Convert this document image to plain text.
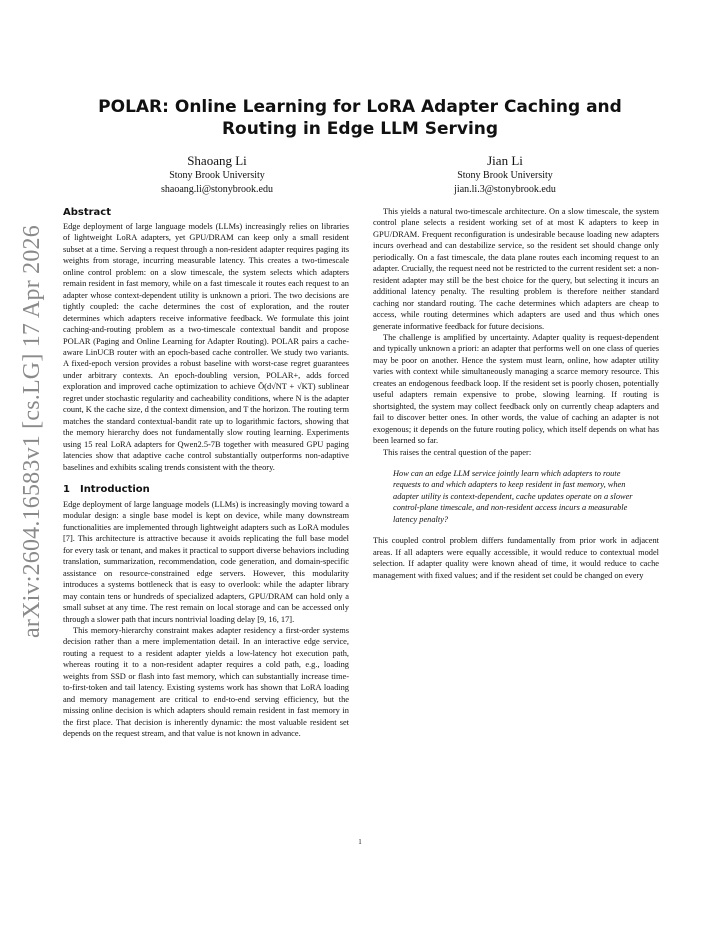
arXiv:2604.16583v1 [cs.LG] 17 Apr 2026
POLAR: Online Learning for LoRA Adapter Caching and Routing in Edge LLM Serving
Shaoang Li
Stony Brook University
shaoang.li@stonybrook.edu
Jian Li
Stony Brook University
jian.li.3@stonybrook.edu
Abstract

Edge deployment of large language models (LLMs) increasingly relies on libraries of lightweight LoRA adapters, yet GPU/DRAM can keep only a small resident subset at a time. Serving a request through a non-resident adapter requires paging its weights from storage, incurring measurable latency. This creates a two-timescale online control problem: on a slow timescale, the system selects which adapters remain resident in fast memory, while on a fast timescale it routes each request to an adapter whose context-dependent utility is unknown a priori. The two decisions are tightly coupled: the cache determines the cost of exploration, and the router determines which adapters receive informative feedback. We formulate this joint caching-and-routing problem as a two-timescale contextual bandit and propose POLAR (Paging and Online Learning for Adapter Routing). POLAR pairs a cache-aware LinUCB router with an epoch-based cache controller. We study two variants. A fixed-epoch version provides a robust baseline with worst-case regret guarantees under arbitrary contexts. An epoch-doubling version, POLAR+, adds forced exploration and improved cache optimization to achieve Õ(d√NT + √KT) sublinear regret under stochastic regularity and cacheability conditions, where N is the adapter count, K the cache size, d the context dimension, and T the horizon. The routing term matches the standard contextual-bandit rate up to logarithmic factors, showing that the memory hierarchy does not fundamentally slow routing learning. Experiments using 15 real LoRA adapters for Qwen2.5-7B together with measured GPU paging latencies show that adaptive cache control substantially outperforms non-adaptive baselines and exhibits scaling trends consistent with the theory.

1 Introduction

Edge deployment of large language models (LLMs) is increasingly moving toward a modular design: a single base model is kept on device, while many downstream functionalities are implemented through lightweight adapters such as LoRA modules [7]. This architecture is attractive because it avoids replicating the full base model for every task or tenant, and makes it practical to support diverse behaviors including translation, summarization, recommendation, code generation, and domain-specific assistance on resource-constrained edge servers. However, this modularity introduces a systems bottleneck that is easy to overlook: while the adapter library may contain tens or hundreds of specialized adapters, GPU/DRAM can hold only a small subset at any time. The rest remain on local storage and can be accessed only through a slower path that incurs nontrivial loading delay [9, 16, 17].

This memory-hierarchy constraint makes adapter residency a first-order systems decision rather than a mere implementation detail. In an interactive edge service, routing a request to a resident adapter yields a low-latency hot execution path, whereas routing it to a non-resident adapter requires a cold path, e.g., loading weights from SSD or flash into fast memory, which can substantially increase time-to-first-token and tail latency. Existing systems work has shown that LoRA loading and memory management are critical to end-to-end serving efficiency, but the missing online decision is which adapters should remain resident in fast memory in the first place. That decision is inherently dynamic: the most valuable resident set depends on the request stream, and that value is not known in advance.

This yields a natural two-timescale architecture. On a slow timescale, the system control plane selects a resident working set of at most K adapters to keep in GPU/DRAM. Frequent reconfiguration is undesirable because loading new adapters incurs overhead and can destabilize service, so the resident set should change only periodically. On a fast timescale, the data plane routes each incoming request to an adapter. Crucially, the request need not be restricted to the current resident set: a non-resident adapter may still be the best choice for the query, but selecting it incurs an additional latency penalty. The resulting problem is therefore neither standard caching nor standard routing. The cache determines which adapters are cheap to access, while routing determines which adapters are used and thus which ones generate informative feedback for future decisions.

The challenge is amplified by uncertainty. Adapter quality is request-dependent and typically unknown a priori: an adapter that performs well on one class of queries may be poor on another. Hence the system must learn, online, how adapter utility varies with context while simultaneously managing a scarce memory resource. This creates an endogenous feedback loop. If the resident set is poorly chosen, potentially useful adapters remain expensive to probe, slowing learning. If routing is shortsighted, the system may collect feedback only on currently cheap adapters and fail to discover better ones. In other words, the value of caching an adapter is not exogenous; it depends on the future routing policy, which itself depends on what has been learned so far.

This raises the central question of the paper:

How can an edge LLM service jointly learn which adapters to route requests to and which adapters to keep resident in fast memory, when adapter utility is context-dependent, cache updates operate on a slower control-plane timescale, and non-resident access incurs a measurable latency penalty?

This coupled control problem differs fundamentally from prior work in adjacent areas. If all adapters were equally accessible, it would reduce to contextual model selection. If adapter quality were known ahead of time, it would reduce to cache management with fixed values; and if the resident set could be changed on every

1
